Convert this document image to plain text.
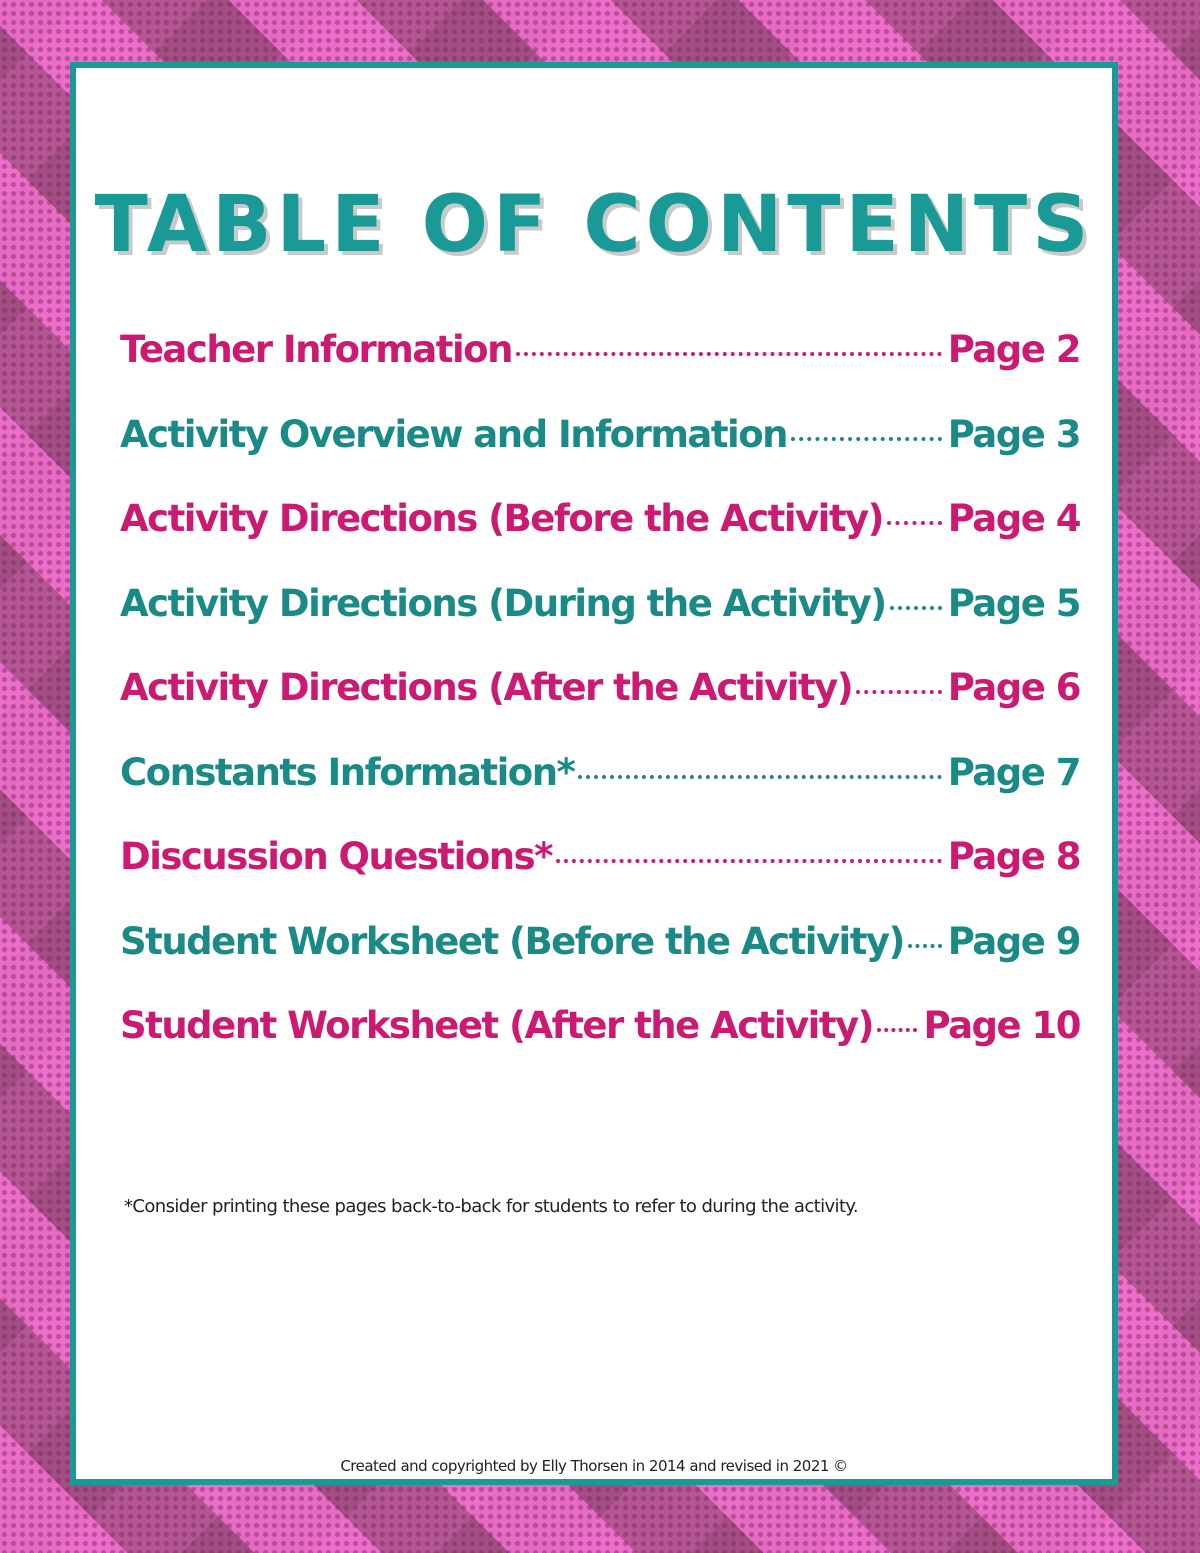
TABLE OF CONTENTS
Teacher Information	Page 2
Activity Overview and Information	Page 3
Activity Directions (Before the Activity) Page 4
Activity Directions (During the Activity) Page 5
Activity Directions (After the Activity)	Page 6
Constants Information*	Page 7
Discussion Questions*	Page 8
Student Worksheet (Before the Activity) Page 9
Student Worksheet (After the Activity) Page 10

*Consider printing these pages back-to-back for students to refer to during the activity.

Created and copyrighted by Elly Thorsen in 2014 and revised in 2021 ©
